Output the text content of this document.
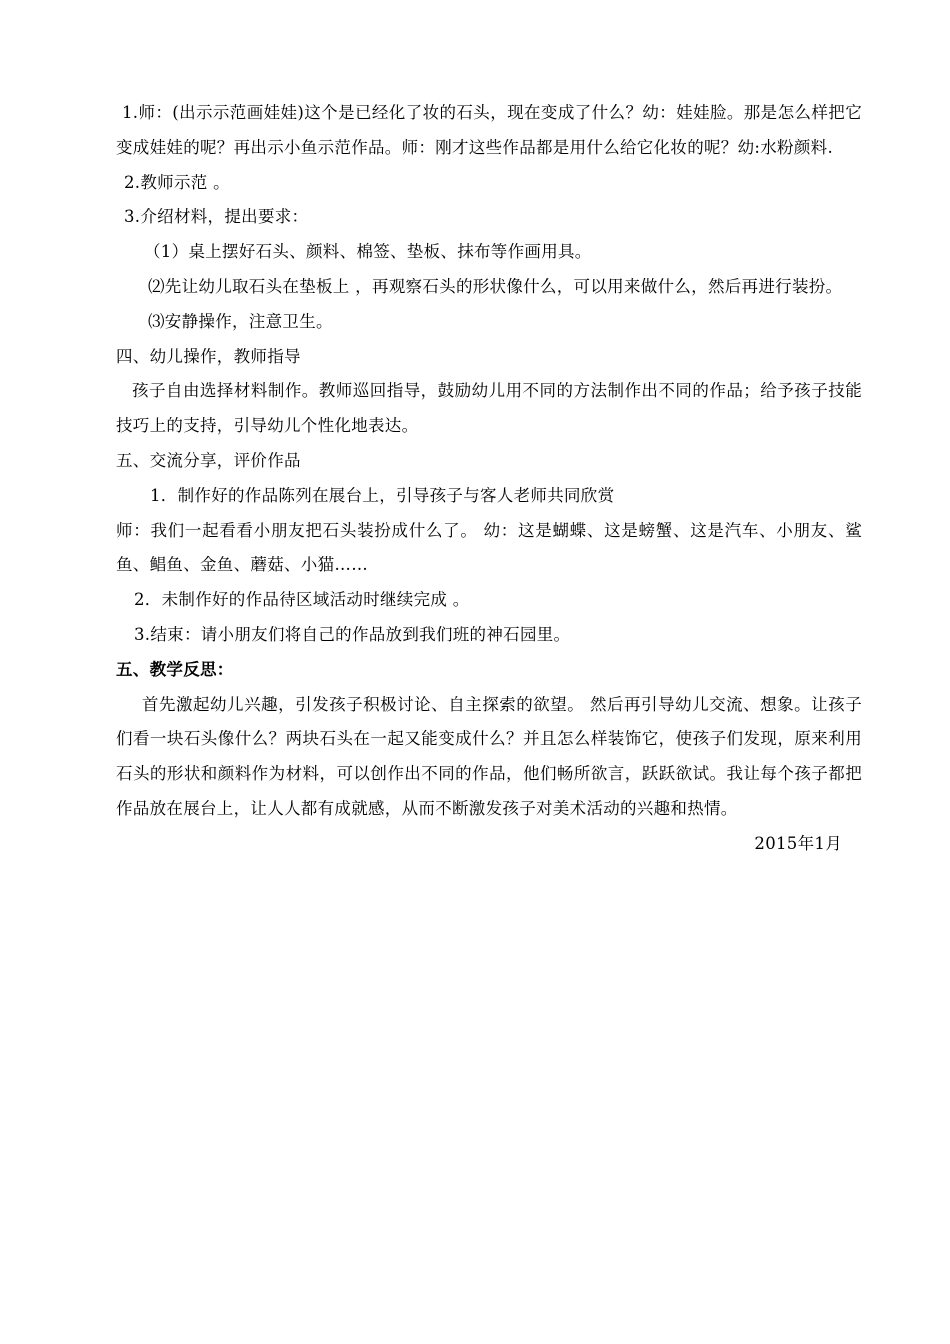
1.师：(出示示范画娃娃)这个是已经化了妆的石头，现在变成了什么？幼：娃娃脸。那是怎么样把它变成娃娃的呢？再出示小鱼示范作品。师：刚才这些作品都是用什么给它化妆的呢？幼:水粉颜料.

2.教师示范 。

3.介绍材料，提出要求：

（1）桌上摆好石头、颜料、棉签、垫板、抹布等作画用具。

⑵先让幼儿取石头在垫板上 ，再观察石头的形状像什么，可以用来做什么，然后再进行装扮。

⑶安静操作，注意卫生。

四、幼儿操作，教师指导

孩子自由选择材料制作。教师巡回指导，鼓励幼儿用不同的方法制作出不同的作品；给予孩子技能技巧上的支持，引导幼儿个性化地表达。

五、交流分享，评价作品

1．制作好的作品陈列在展台上，引导孩子与客人老师共同欣赏

师：我们一起看看小朋友把石头装扮成什么了。 幼：这是蝴蝶、这是螃蟹、这是汽车、小朋友、鲨鱼、鲳鱼、金鱼、蘑菇、小猫……

2．未制作好的作品待区域活动时继续完成 。

3.结束：请小朋友们将自己的作品放到我们班的神石园里。

五、教学反思：

首先激起幼儿兴趣，引发孩子积极讨论、自主探索的欲望。 然后再引导幼儿交流、想象。让孩子们看一块石头像什么？两块石头在一起又能变成什么？并且怎么样装饰它，使孩子们发现，原来利用石头的形状和颜料作为材料，可以创作出不同的作品，他们畅所欲言，跃跃欲试。我让每个孩子都把作品放在展台上，让人人都有成就感，从而不断激发孩子对美术活动的兴趣和热情。

2015年1月
